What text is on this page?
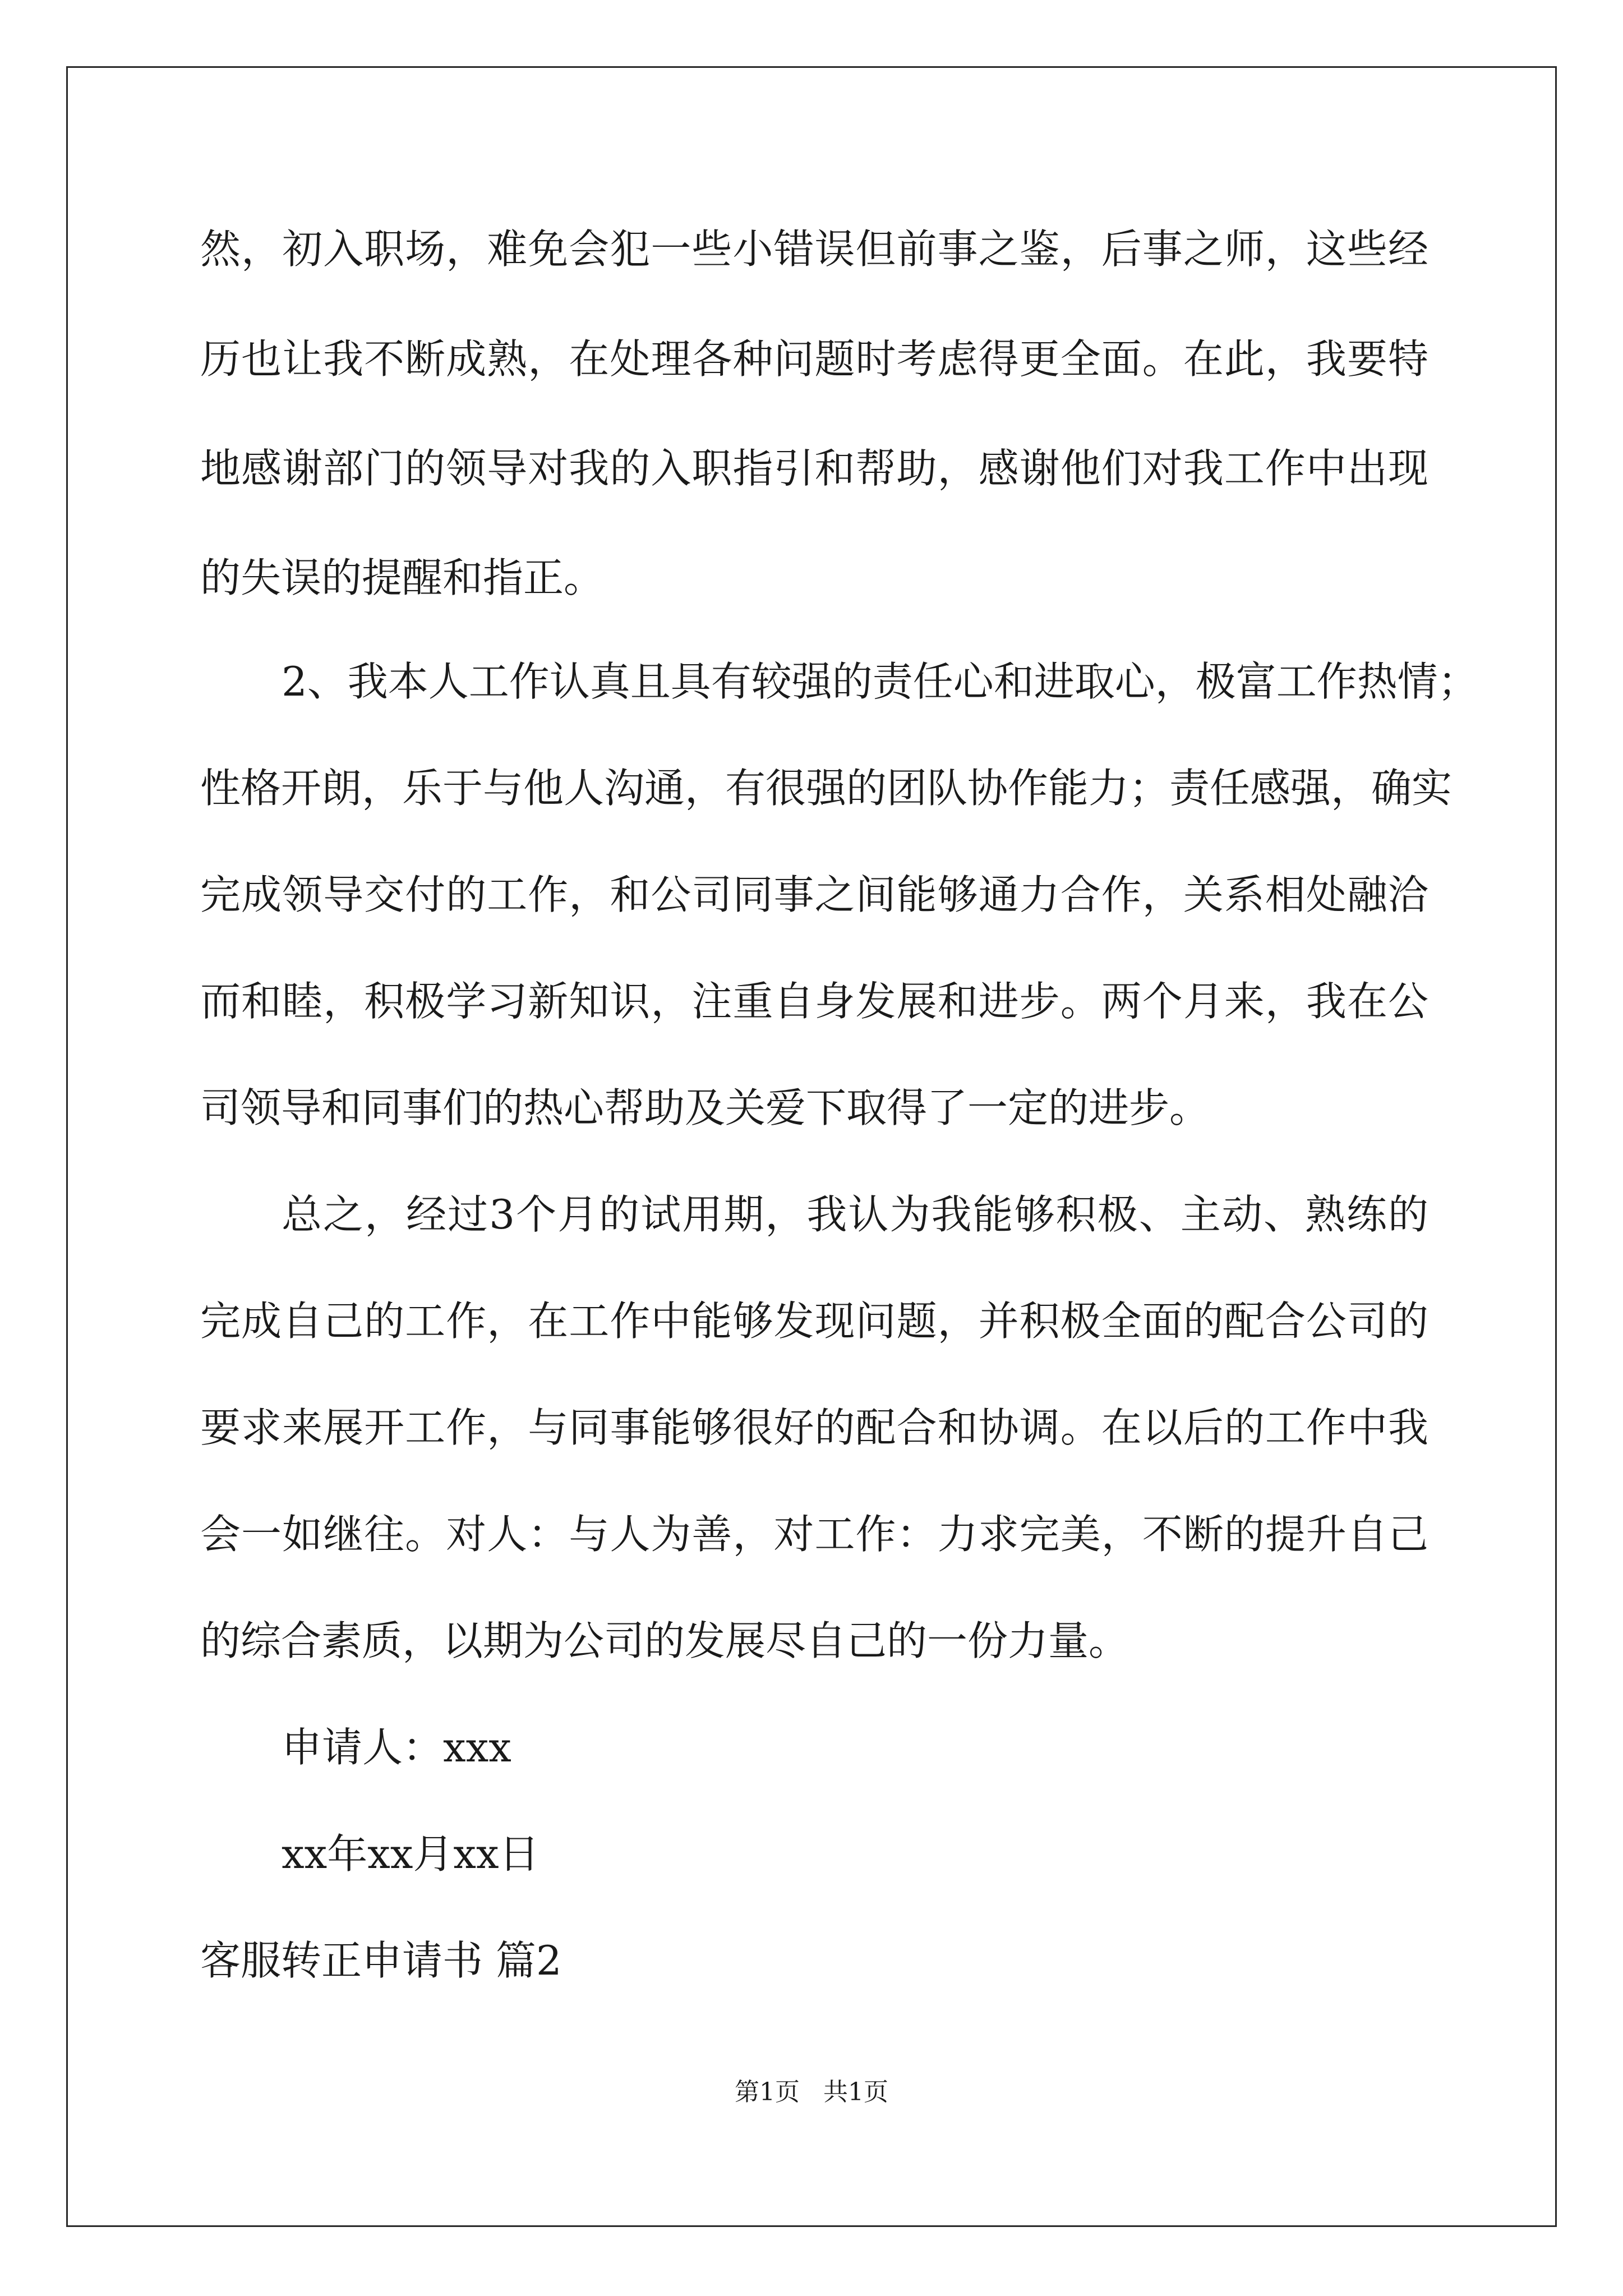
然，初入职场，难免会犯一些小错误但前事之鉴，后事之师，这些经
历也让我不断成熟，在处理各种问题时考虑得更全面。在此，我要特
地感谢部门的领导对我的入职指引和帮助，感谢他们对我工作中出现
的失误的提醒和指正。
2、我本人工作认真且具有较强的责任心和进取心，极富工作热情；
性格开朗，乐于与他人沟通，有很强的团队协作能力；责任感强，确实
完成领导交付的工作，和公司同事之间能够通力合作，关系相处融洽
而和睦，积极学习新知识，注重自身发展和进步。两个月来，我在公
司领导和同事们的热心帮助及关爱下取得了一定的进步。
总之，经过3个月的试用期，我认为我能够积极、主动、熟练的
完成自己的工作，在工作中能够发现问题，并积极全面的配合公司的
要求来展开工作，与同事能够很好的配合和协调。在以后的工作中我
会一如继往。对人：与人为善，对工作：力求完美，不断的提升自己
的综合素质，以期为公司的发展尽自己的一份力量。
申请人：xxx
xx年xx月xx日
客服转正申请书 篇2
第1页   共1页
